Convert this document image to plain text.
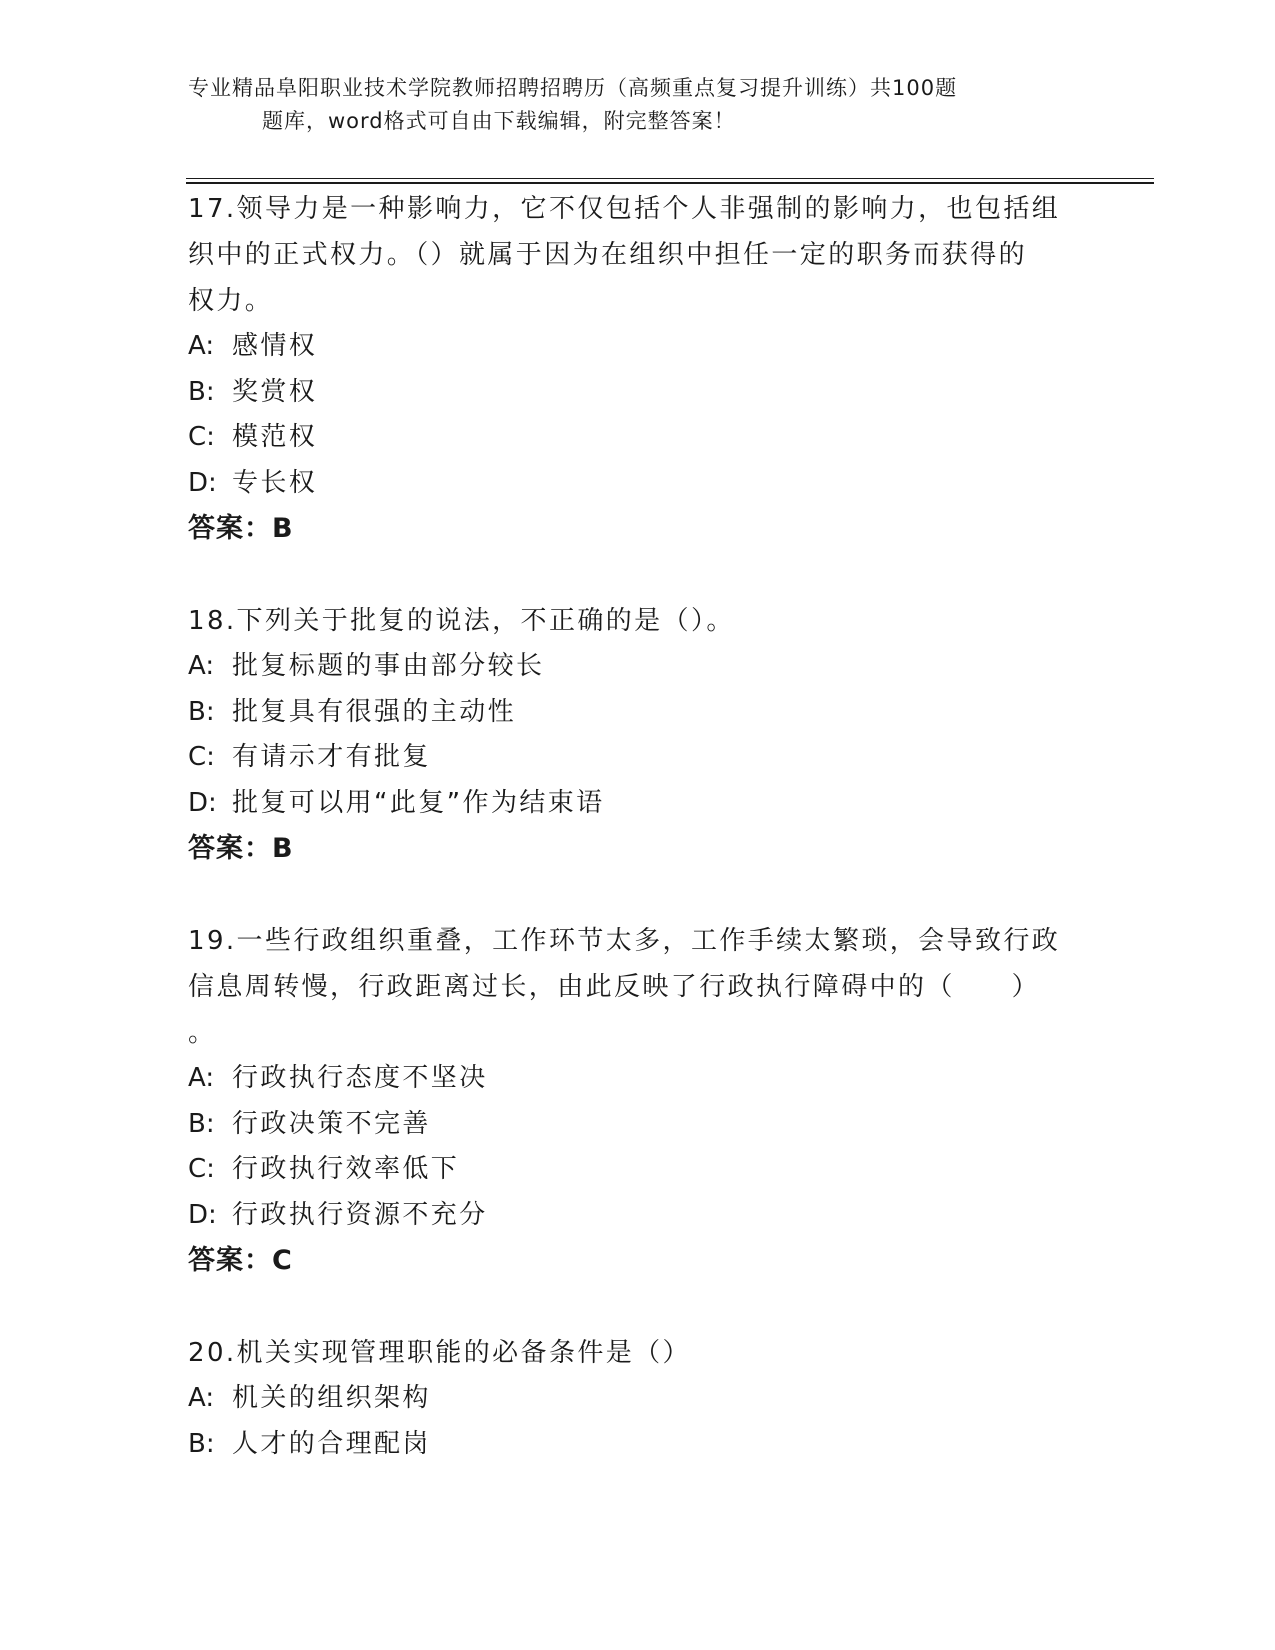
专业精品阜阳职业技术学院教师招聘招聘历（高频重点复习提升训练）共100题
题库，word格式可自由下载编辑，附完整答案！
17.领导力是一种影响力，它不仅包括个人非强制的影响力，也包括组
织中的正式权力。（）就属于因为在组织中担任一定的职务而获得的
权力。
A: 感情权
B: 奖赏权
C: 模范权
D: 专长权
答案：B
18.下列关于批复的说法，不正确的是（）。
A: 批复标题的事由部分较长
B: 批复具有很强的主动性
C: 有请示才有批复
D: 批复可以用“此复”作为结束语
答案：B
19.一些行政组织重叠，工作环节太多，工作手续太繁琐，会导致行政
信息周转慢，行政距离过长，由此反映了行政执行障碍中的（　　）
。
A: 行政执行态度不坚决
B: 行政决策不完善
C: 行政执行效率低下
D: 行政执行资源不充分
答案：C
20.机关实现管理职能的必备条件是（）
A: 机关的组织架构
B: 人才的合理配岗
